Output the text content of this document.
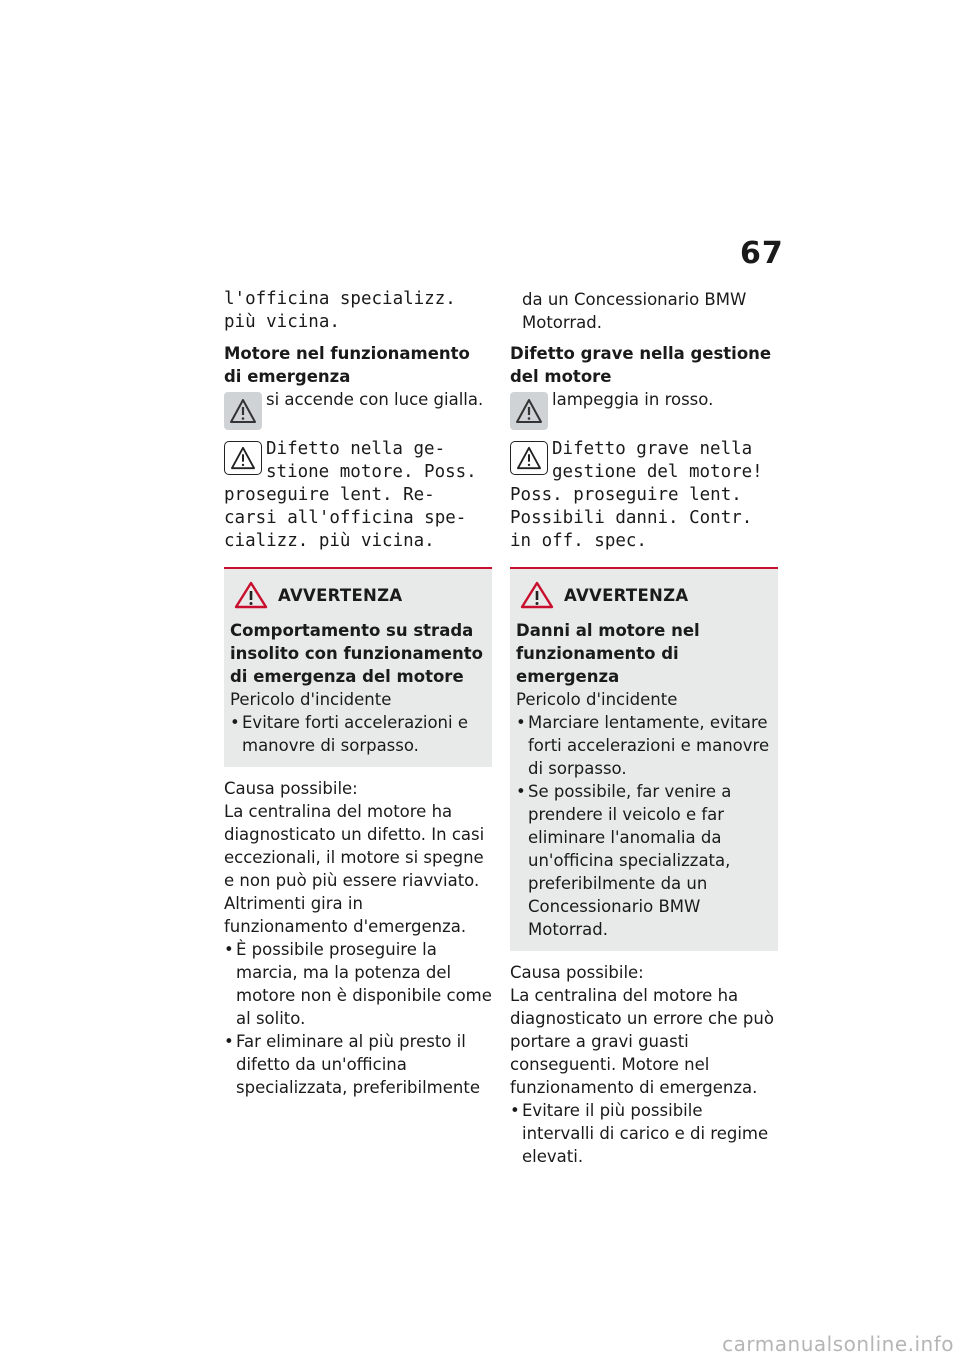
67
l'officina specializz.
più vicina.
Motore nel funzionamento di emergenza
si accende con luce gialla.
Difetto nella ge-
stione motore. Poss.
proseguire lent. Re-
carsi all'officina spe-
cializz. più vicina.
AVVERTENZA
Comportamento su strada insolito con funzionamento di emergenza del motore
Pericolo d'incidente
• Evitare forti accelerazioni e manovre di sorpasso.
Causa possibile:
La centralina del motore ha diagnosticato un difetto. In casi eccezionali, il motore si spegne e non può più essere riavviato. Altrimenti gira in funzionamento d'emergenza.
• È possibile proseguire la marcia, ma la potenza del motore non è disponibile come al solito.
• Far eliminare al più presto il difetto da un'officina specializzata, preferibilmente
da un Concessionario BMW Motorrad.
Difetto grave nella gestione del motore
lampeggia in rosso.
Difetto grave nella
gestione del motore!
Poss. proseguire lent.
Possibili danni. Contr.
in off. spec.
AVVERTENZA
Danni al motore nel funzionamento di emergenza
Pericolo d'incidente
• Marciare lentamente, evitare forti accelerazioni e manovre di sorpasso.
• Se possibile, far venire a prendere il veicolo e far eliminare l'anomalia da un'officina specializzata, preferibilmente da un Concessionario BMW Motorrad.
Causa possibile:
La centralina del motore ha diagnosticato un errore che può portare a gravi guasti conseguenti. Motore nel funzionamento di emergenza.
• Evitare il più possibile intervalli di carico e di regime elevati.
carmanualsonline.info
